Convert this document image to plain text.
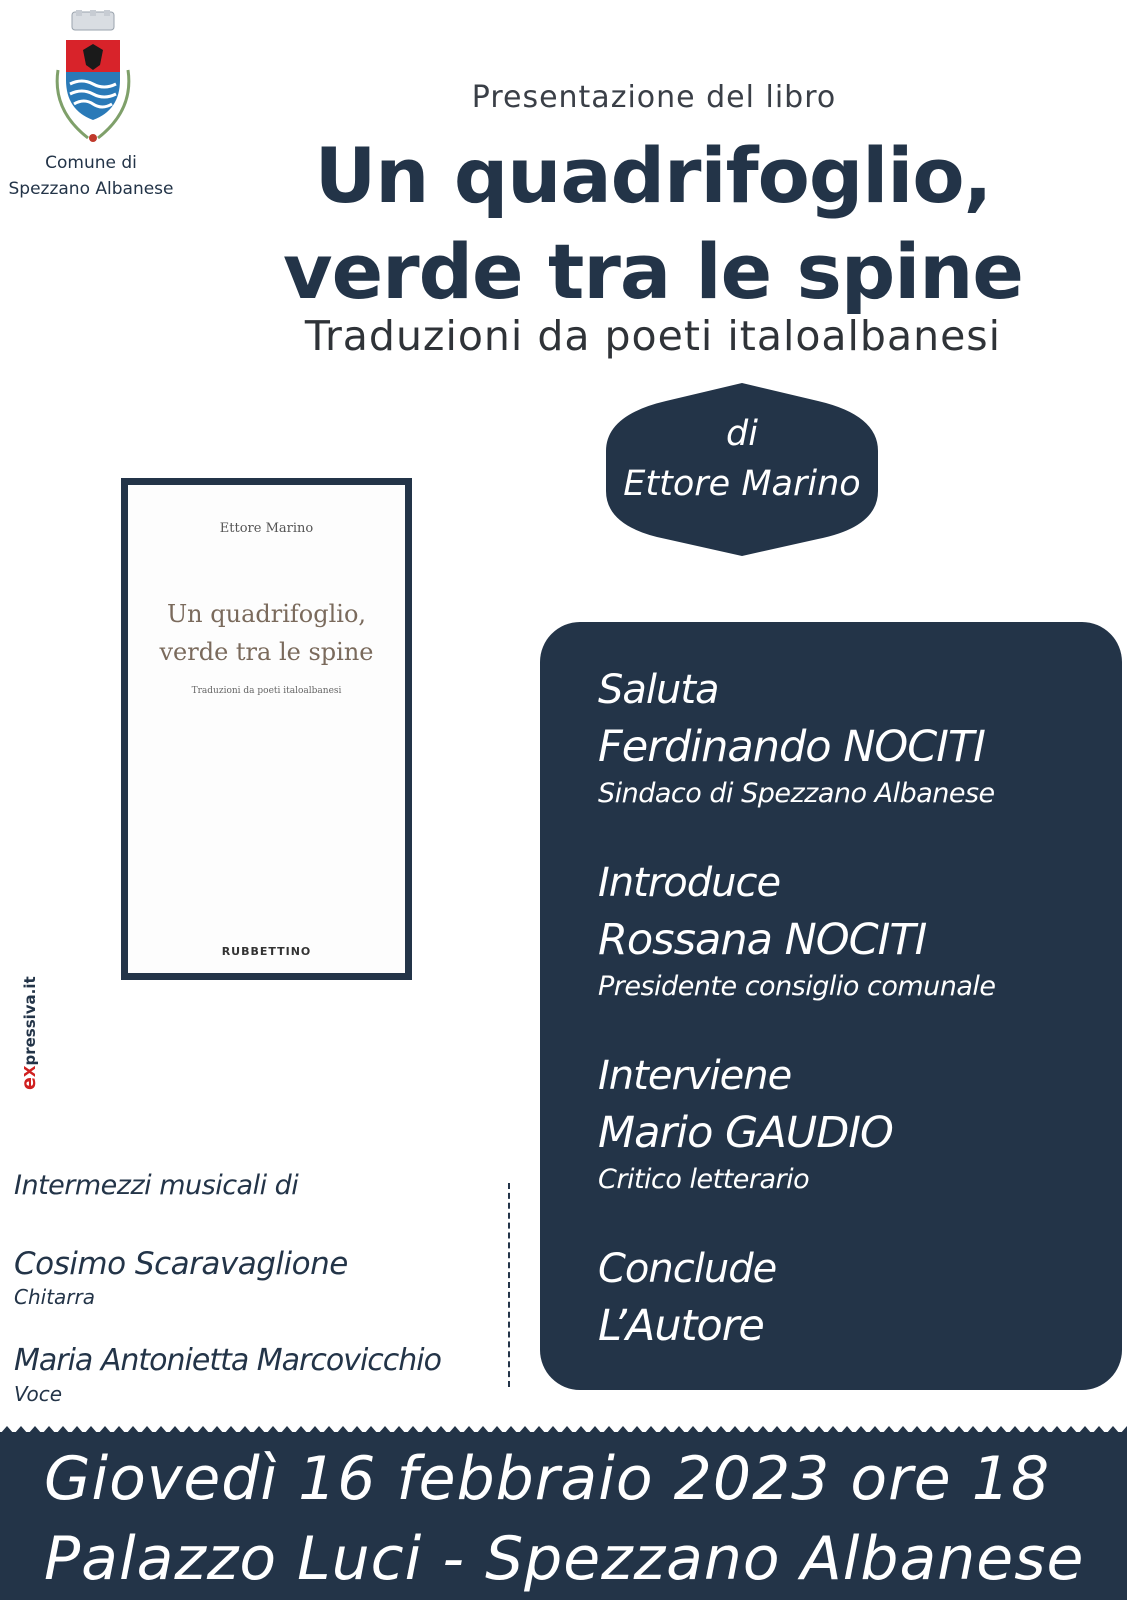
Comune di
Spezzano Albanese
Presentazione del libro
Un quadrifoglio,
verde tra le spine
Traduzioni da poeti italoalbanesi
di
Ettore Marino
Ettore Marino
Un quadrifoglio,
verde tra le spine
Traduzioni da poeti italoalbanesi
RUBBETTINO
eXpressiva.it
Saluta
Ferdinando NOCITI
Sindaco di Spezzano Albanese
Introduce
Rossana NOCITI
Presidente consiglio comunale
Interviene
Mario GAUDIO
Critico letterario
Conclude
L’Autore
Intermezzi musicali di
Cosimo Scaravaglione
Chitarra
Maria Antonietta Marcovicchio
Voce
Giovedì 16 febbraio 2023 ore 18
Palazzo Luci - Spezzano Albanese
